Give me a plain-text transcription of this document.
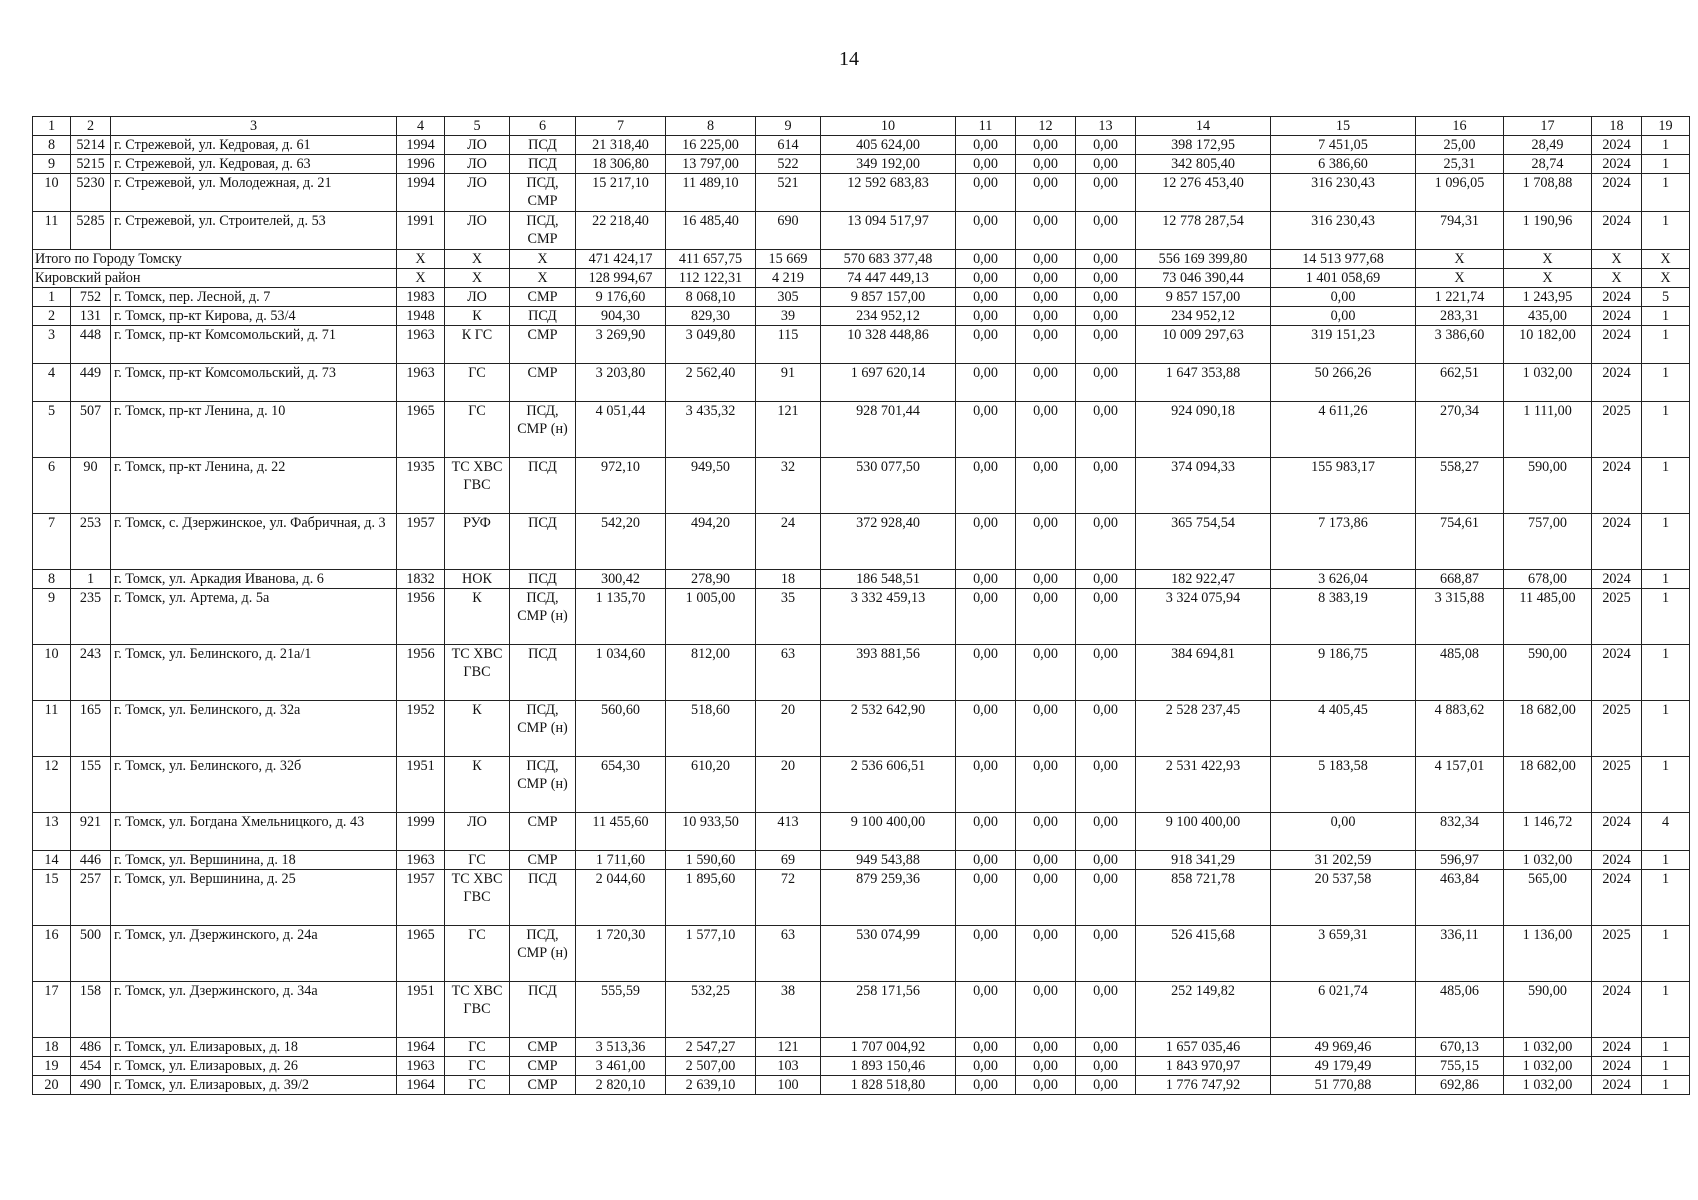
14
1	2	3	4	5	6	7	8	9	10	11	12	13	14	15	16	17	18	19
8	5214	г. Стрежевой, ул. Кедровая, д. 61	1994	ЛО	ПСД	21 318,40	16 225,00	614	405 624,00	0,00	0,00	0,00	398 172,95	7 451,05	25,00	28,49	2024	1
9	5215	г. Стрежевой, ул. Кедровая, д. 63	1996	ЛО	ПСД	18 306,80	13 797,00	522	349 192,00	0,00	0,00	0,00	342 805,40	6 386,60	25,31	28,74	2024	1
10	5230	г. Стрежевой, ул. Молодежная, д. 21	1994	ЛО	ПСД, СМР	15 217,10	11 489,10	521	12 592 683,83	0,00	0,00	0,00	12 276 453,40	316 230,43	1 096,05	1 708,88	2024	1
11	5285	г. Стрежевой, ул. Строителей, д. 53	1991	ЛО	ПСД, СМР	22 218,40	16 485,40	690	13 094 517,97	0,00	0,00	0,00	12 778 287,54	316 230,43	794,31	1 190,96	2024	1
Итого по Городу Томску			Х	Х	Х	471 424,17	411 657,75	15 669	570 683 377,48	0,00	0,00	0,00	556 169 399,80	14 513 977,68	Х	Х	Х	Х
Кировский район			Х	Х	Х	128 994,67	112 122,31	4 219	74 447 449,13	0,00	0,00	0,00	73 046 390,44	1 401 058,69	Х	Х	Х	Х
1	752	г. Томск, пер. Лесной, д. 7	1983	ЛО	СМР	9 176,60	8 068,10	305	9 857 157,00	0,00	0,00	0,00	9 857 157,00	0,00	1 221,74	1 243,95	2024	5
2	131	г. Томск, пр-кт Кирова, д. 53/4	1948	К	ПСД	904,30	829,30	39	234 952,12	0,00	0,00	0,00	234 952,12	0,00	283,31	435,00	2024	1
3	448	г. Томск, пр-кт Комсомольский, д. 71	1963	К ГС	СМР	3 269,90	3 049,80	115	10 328 448,86	0,00	0,00	0,00	10 009 297,63	319 151,23	3 386,60	10 182,00	2024	1
4	449	г. Томск, пр-кт Комсомольский, д. 73	1963	ГС	СМР	3 203,80	2 562,40	91	1 697 620,14	0,00	0,00	0,00	1 647 353,88	50 266,26	662,51	1 032,00	2024	1
5	507	г. Томск, пр-кт Ленина, д. 10	1965	ГС	ПСД, СМР (н)	4 051,44	3 435,32	121	928 701,44	0,00	0,00	0,00	924 090,18	4 611,26	270,34	1 111,00	2025	1
6	90	г. Томск, пр-кт Ленина, д. 22	1935	ТС ХВС ГВС	ПСД	972,10	949,50	32	530 077,50	0,00	0,00	0,00	374 094,33	155 983,17	558,27	590,00	2024	1
7	253	г. Томск, с. Дзержинское, ул. Фабричная, д. 3	1957	РУФ	ПСД	542,20	494,20	24	372 928,40	0,00	0,00	0,00	365 754,54	7 173,86	754,61	757,00	2024	1
8	1	г. Томск, ул. Аркадия Иванова, д. 6	1832	НОК	ПСД	300,42	278,90	18	186 548,51	0,00	0,00	0,00	182 922,47	3 626,04	668,87	678,00	2024	1
9	235	г. Томск, ул. Артема, д. 5а	1956	К	ПСД, СМР (н)	1 135,70	1 005,00	35	3 332 459,13	0,00	0,00	0,00	3 324 075,94	8 383,19	3 315,88	11 485,00	2025	1
10	243	г. Томск, ул. Белинского, д. 21а/1	1956	ТС ХВС ГВС	ПСД	1 034,60	812,00	63	393 881,56	0,00	0,00	0,00	384 694,81	9 186,75	485,08	590,00	2024	1
11	165	г. Томск, ул. Белинского, д. 32а	1952	К	ПСД, СМР (н)	560,60	518,60	20	2 532 642,90	0,00	0,00	0,00	2 528 237,45	4 405,45	4 883,62	18 682,00	2025	1
12	155	г. Томск, ул. Белинского, д. 32б	1951	К	ПСД, СМР (н)	654,30	610,20	20	2 536 606,51	0,00	0,00	0,00	2 531 422,93	5 183,58	4 157,01	18 682,00	2025	1
13	921	г. Томск, ул. Богдана Хмельницкого, д. 43	1999	ЛО	СМР	11 455,60	10 933,50	413	9 100 400,00	0,00	0,00	0,00	9 100 400,00	0,00	832,34	1 146,72	2024	4
14	446	г. Томск, ул. Вершинина, д. 18	1963	ГС	СМР	1 711,60	1 590,60	69	949 543,88	0,00	0,00	0,00	918 341,29	31 202,59	596,97	1 032,00	2024	1
15	257	г. Томск, ул. Вершинина, д. 25	1957	ТС ХВС ГВС	ПСД	2 044,60	1 895,60	72	879 259,36	0,00	0,00	0,00	858 721,78	20 537,58	463,84	565,00	2024	1
16	500	г. Томск, ул. Дзержинского, д. 24а	1965	ГС	ПСД, СМР (н)	1 720,30	1 577,10	63	530 074,99	0,00	0,00	0,00	526 415,68	3 659,31	336,11	1 136,00	2025	1
17	158	г. Томск, ул. Дзержинского, д. 34а	1951	ТС ХВС ГВС	ПСД	555,59	532,25	38	258 171,56	0,00	0,00	0,00	252 149,82	6 021,74	485,06	590,00	2024	1
18	486	г. Томск, ул. Елизаровых, д. 18	1964	ГС	СМР	3 513,36	2 547,27	121	1 707 004,92	0,00	0,00	0,00	1 657 035,46	49 969,46	670,13	1 032,00	2024	1
19	454	г. Томск, ул. Елизаровых, д. 26	1963	ГС	СМР	3 461,00	2 507,00	103	1 893 150,46	0,00	0,00	0,00	1 843 970,97	49 179,49	755,15	1 032,00	2024	1
20	490	г. Томск, ул. Елизаровых, д. 39/2	1964	ГС	СМР	2 820,10	2 639,10	100	1 828 518,80	0,00	0,00	0,00	1 776 747,92	51 770,88	692,86	1 032,00	2024	1
